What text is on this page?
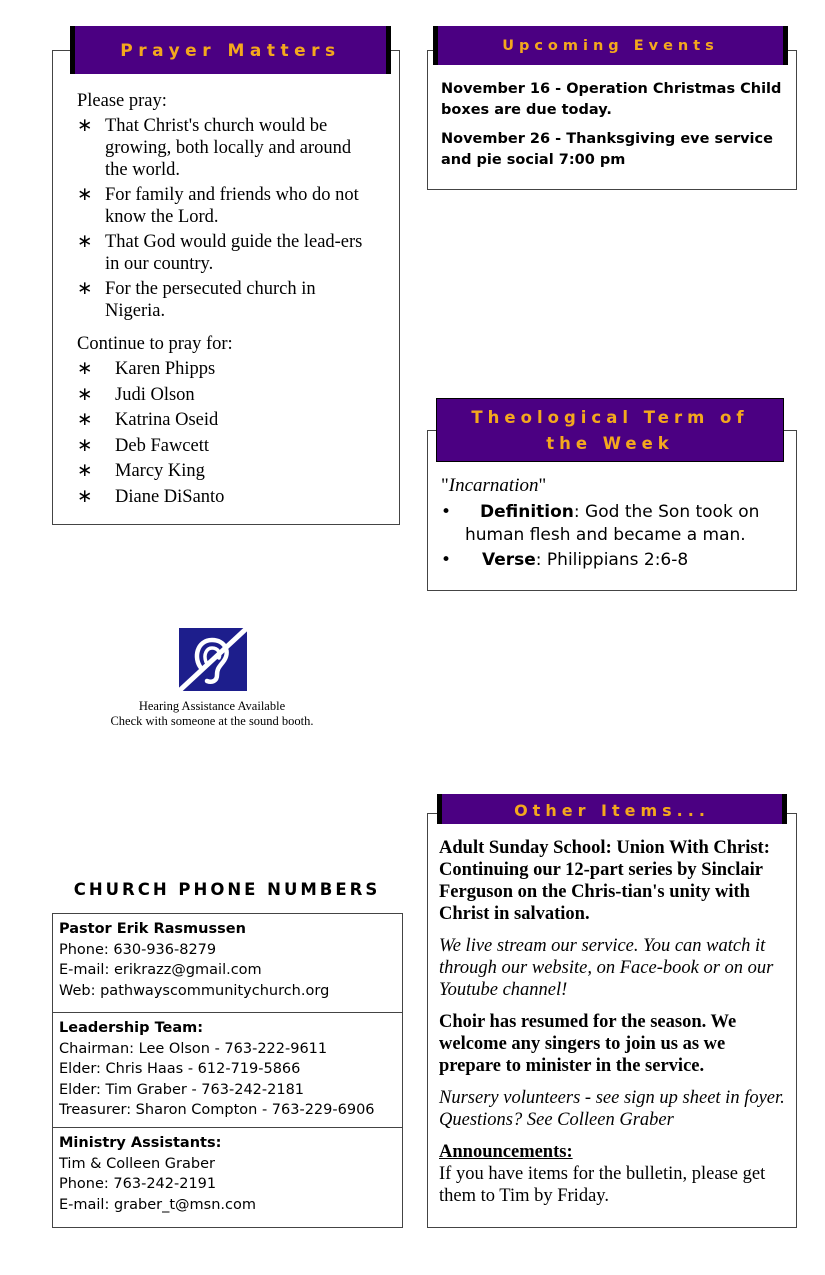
Prayer Matters
Please pray:
∗ That Christ's church would be growing, both locally and around the world.
∗ For family and friends who do not know the Lord.
∗ That God would guide the lead-ers in our country.
∗ For the persecuted church in Nigeria.
Continue to pray for:
∗ Karen Phipps
∗ Judi Olson
∗ Katrina Oseid
∗ Deb Fawcett
∗ Marcy King
∗ Diane DiSanto
Upcoming Events
November 16 - Operation Christmas Child boxes are due today.
November 26 - Thanksgiving eve service and pie social 7:00 pm
Theological Term of
the Week
"Incarnation"
• Definition: God the Son took on human flesh and became a man.
• Verse: Philippians 2:6-8
Hearing Assistance Available
Check with someone at the sound booth.
CHURCH PHONE NUMBERS
Pastor Erik Rasmussen
Phone: 630-936-8279
E-mail: erikrazz@gmail.com
Web: pathwayscommunitychurch.org
Leadership Team:
Chairman: Lee Olson - 763-222-9611
Elder: Chris Haas - 612-719-5866
Elder: Tim Graber - 763-242-2181
Treasurer: Sharon Compton - 763-229-6906
Ministry Assistants:
Tim & Colleen Graber
Phone: 763-242-2191
E-mail: graber_t@msn.com
Other Items...
Adult Sunday School: Union With Christ: Continuing our 12-part series by Sinclair Ferguson on the Chris-tian's unity with Christ in salvation.
We live stream our service. You can watch it through our website, on Face-book or on our Youtube channel!
Choir has resumed for the season. We welcome any singers to join us as we prepare to minister in the service.
Nursery volunteers - see sign up sheet in foyer. Questions? See Colleen Graber
Announcements:
If you have items for the bulletin, please get them to Tim by Friday.
